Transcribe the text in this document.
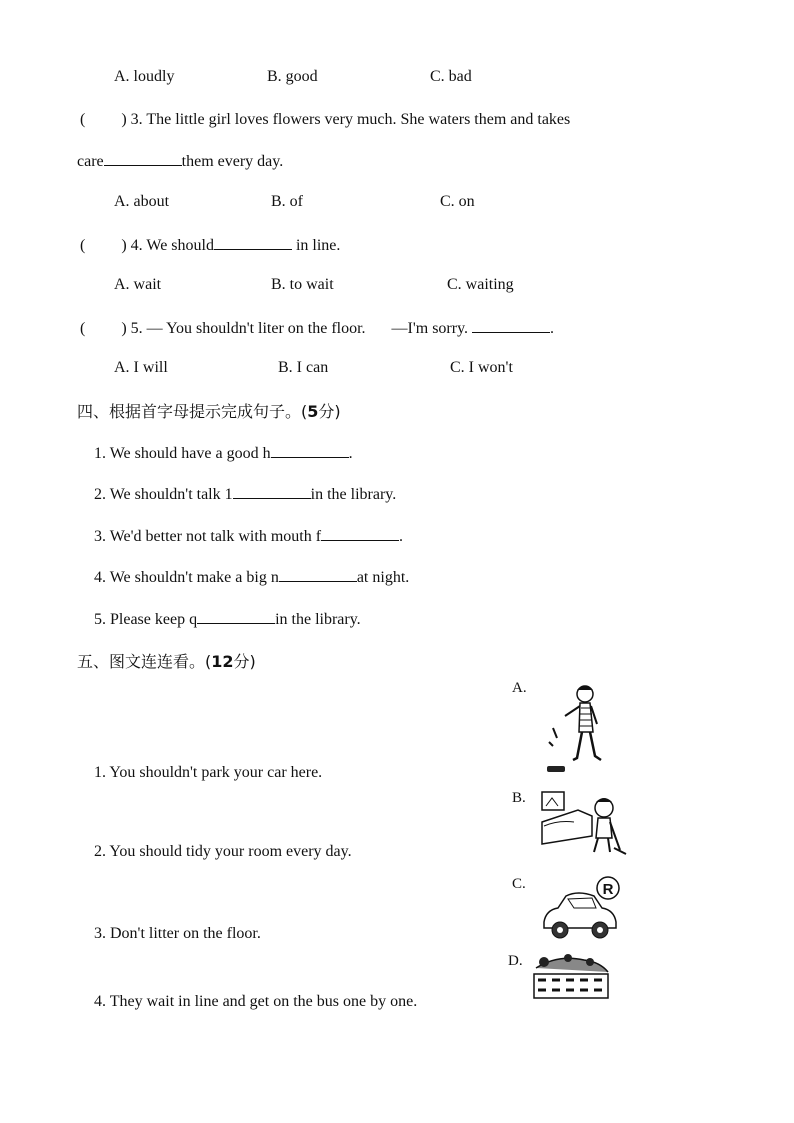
A. loudly	B. good	C. bad
( ) 3. The little girl loves flowers very much. She waters them and takes
care	them every day.
A. about	B. of	C. on
( ) 4. We should	in line.
A. wait	B. to wait	C. waiting
( ) 5. — You shouldn't liter on the floor. —I'm sorry.	.
A. I will	B. I can	C. I won't
四、根据首字母提示完成句子。(5分)
1. We should have a good h	.
2. We shouldn't talk 1	in the library.
3. We'd better not talk with mouth f	.
4. We shouldn't make a big n	at night.
5. Please keep q	in the library.
五、图文连连看。(12分)
1. You shouldn't park your car here.
2. You should tidy your room every day.
3. Don't litter on the floor.
4. They wait in line and get on the bus one by one.
A.
B.
C.	R
D.
